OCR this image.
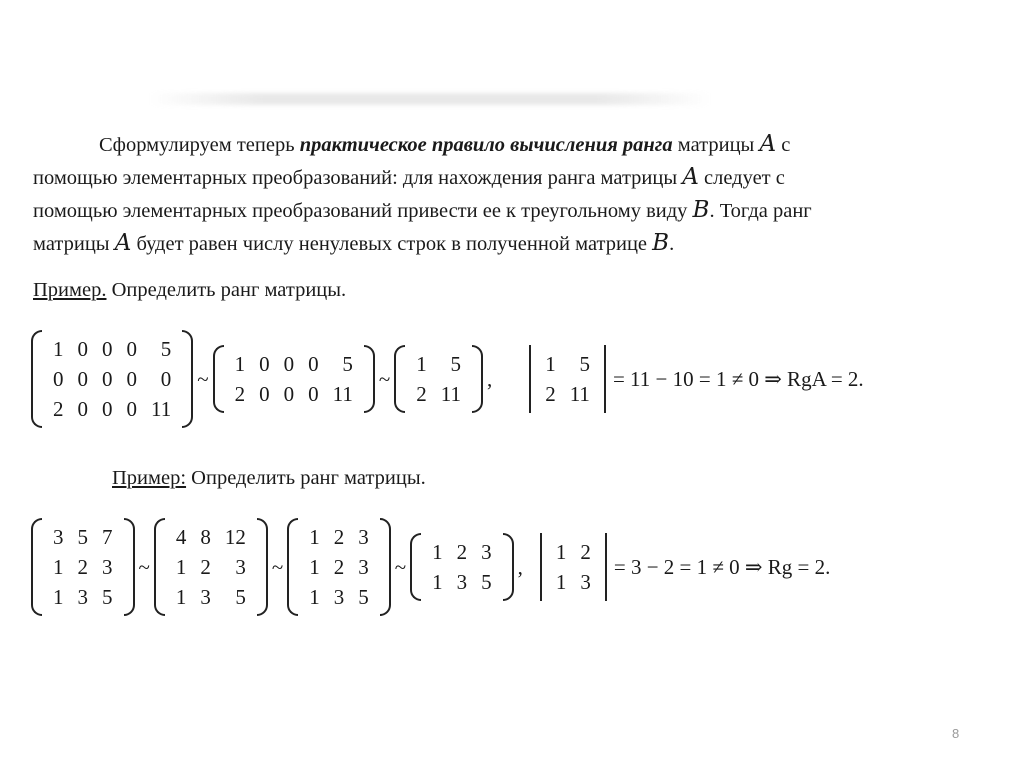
Сформулируем теперь практическое правило вычисления ранга матрицы A с
помощью элементарных преобразований: для нахождения ранга матрицы A следует с
помощью элементарных преобразований привести ее к треугольному виду B. Тогда ранг
матрицы A будет равен числу ненулевых строк в полученной матрице B.
Пример. Определить ранг матрицы.
1 0 0 0	5
0 0 0 0	0
2 0 0 0 11
~
1 0 0 0	5
2 0 0 0 11
~
1	5
2 11
,
1	5
2 11
= 11 − 10 = 1 ≠ 0 ⇒ RgA = 2.
Пример: Определить ранг матрицы.
3 5 7
1 2 3
1 3 5
~
4 8 12
1 2	3
1 3	5
~
1 2 3
1 2 3
1 3 5
~
1 2 3
1 3 5
,
1 2
1 3
= 3 − 2 = 1 ≠ 0 ⇒ Rg = 2.
8
